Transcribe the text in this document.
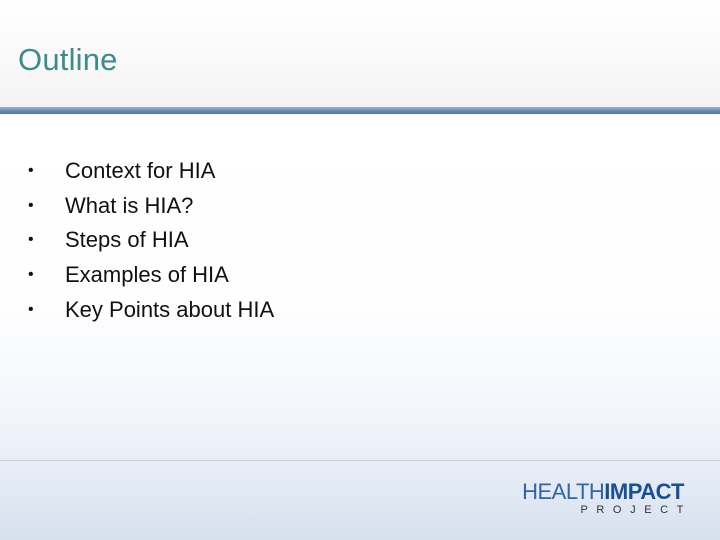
Outline
•	Context for HIA
•	What is HIA?
•	Steps of HIA
•	Examples of HIA
•	Key Points about HIA
HEALTHIMPACT
PROJECT
